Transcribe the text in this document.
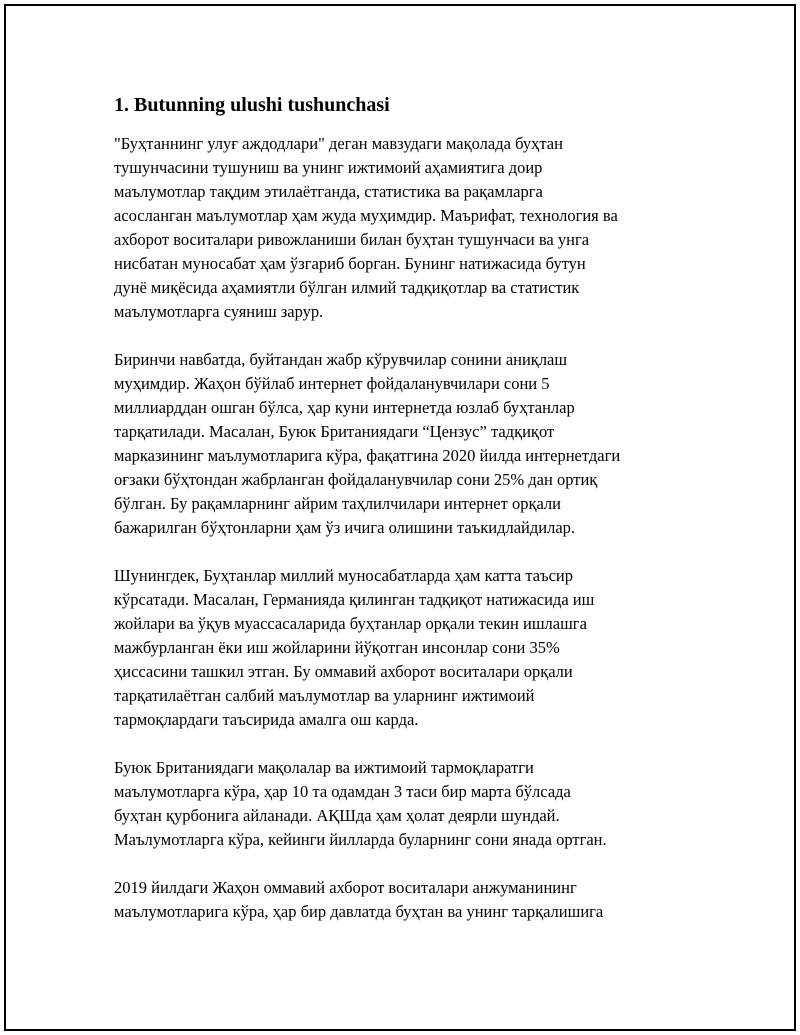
1. Butunning ulushi tushunchasi
"Буҳтаннинг улуғ аждодлари" деган мавзудаги мақолада буҳтан
тушунчасини тушуниш ва унинг ижтимоий аҳамиятига доир
маълумотлар тақдим этилаётганда, статистика ва рақамларга
асосланган маълумотлар ҳам жуда муҳимдир. Маърифат, технология ва
ахборот воситалари ривожланиши билан буҳтан тушунчаси ва унга
нисбатан муносабат ҳам ўзгариб борган. Бунинг натижасида бутун
дунё миқёсида аҳамиятли бўлган илмий тадқиқотлар ва статистик
маълумотларга суяниш зарур.
Биринчи навбатда, буйтандан жабр кўрувчилар сонини аниқлаш
муҳимдир. Жаҳон бўйлаб интернет фойдаланувчилари сони 5
миллиарддан ошган бўлса, ҳар куни интернетда юзлаб буҳтанлар
тарқатилади. Масалан, Буюк Британиядаги “Цензус” тадқиқот
марказининг маълумотларига кўра, фақатгина 2020 йилда интернетдаги
оғзаки бўҳтондан жабрланган фойдаланувчилар сони 25% дан ортиқ
бўлган. Бу рақамларнинг айрим таҳлилчилари интернет орқали
бажарилган бўҳтонларни ҳам ўз ичига олишини таъкидлайдилар.
Шунингдек, Буҳтанлар миллий муносабатларда ҳам катта таъсир
кўрсатади. Масалан, Германияда қилинган тадқиқот натижасида иш
жойлари ва ўқув муассасаларида буҳтанлар орқали текин ишлашга
мажбурланган ёки иш жойларини йўқотган инсонлар сони 35%
ҳиссасини ташкил этган. Бу оммавий ахборот воситалари орқали
тарқатилаётган салбий маълумотлар ва уларнинг ижтимоий
тармоқлардаги таъсирида амалга ош карда.
Буюк Британиядаги мақолалар ва ижтимоий тармоқларатги
маълумотларга кўра, ҳар 10 та одамдан 3 таси бир марта бўлсада
буҳтан қурбонига айланади. АҚШда ҳам ҳолат деярли шундай.
Маълумотларга кўра, кейинги йилларда буларнинг сони янада ортган.
2019 йилдаги Жаҳон оммавий ахборот воситалари анжуманининг
маълумотларига кўра, ҳар бир давлатда буҳтан ва унинг тарқалишига
